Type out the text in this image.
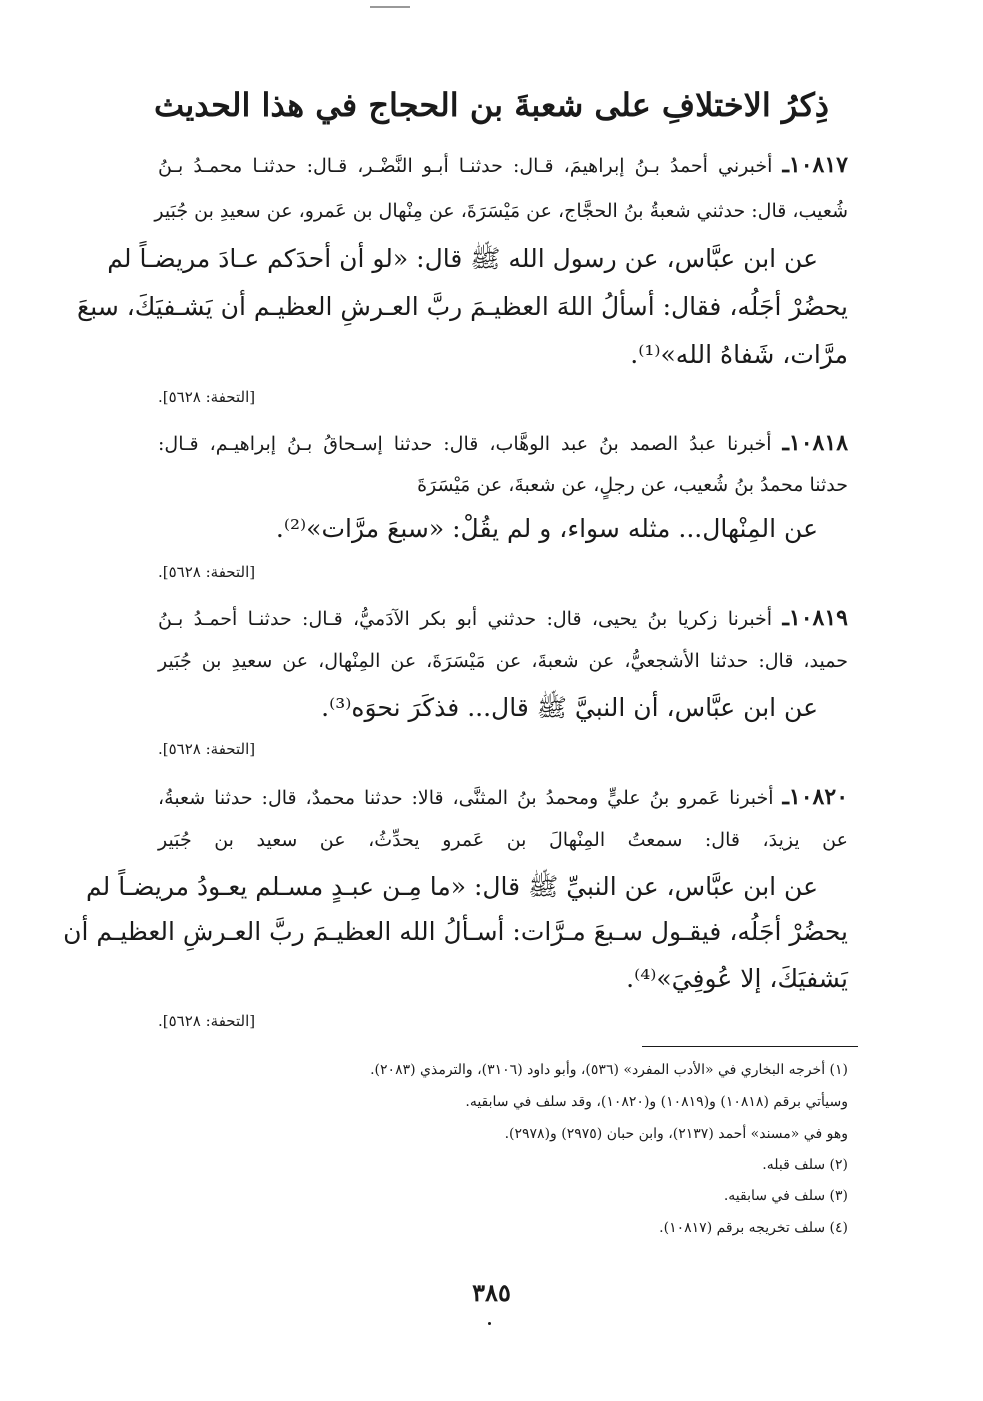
ذِكرُ الاختلافِ على شعبةَ بن الحجاج في هذا الحديث
١٠٨١٧ـ أخبرني أحمدُ بـنُ إبراهيمَ، قـال: حدثنـا أبـو النَّضْـر، قـال: حدثنـا محمـدُ بـنُ
شُعيب، قال: حدثني شعبةُ بنُ الحجَّاج، عن مَيْسَرَةَ، عن مِنْهال بن عَمرو، عن سعيدِ بن جُبَير
عن ابن عبَّاس، عن رسول الله ﷺ قال: «لو أن أحدَكم عـادَ مريضـاً لم
يحضُرْ أجَلُه، فقال: أسألُ اللهَ العظيـمَ ربَّ العـرشِ العظيـم أن يَشـفيَكَ، سبعَ
مرَّات، شَفاهُ الله»⁽¹⁾.
[التحفة: ٥٦٢٨].
١٠٨١٨ـ أخبرنا عبدُ الصمد بنُ عبد الوهَّاب، قال: حدثنا إسـحاقُ بـنُ إبراهيـم، قـال:
حدثنا محمدُ بنُ شُعيب، عن رجلٍ، عن شعبةَ، عن مَيْسَرَةَ
عن المِنْهال... مثله سواء، و لم يقُلْ: «سبعَ مرَّات»⁽²⁾.
[التحفة: ٥٦٢٨].
١٠٨١٩ـ أخبرنا زكريا بنُ يحيى، قال: حدثني أبو بكر الآدَميُّ، قـال: حدثنـا أحمـدُ بـنُ
حميد، قال: حدثنا الأشجعيُّ، عن شعبةَ، عن مَيْسَرَةَ، عن المِنْهال، عن سعيدِ بن جُبَير
عن ابن عبَّاس، أن النبيَّ ﷺ قال... فذكَرَ نحوَه⁽³⁾.
[التحفة: ٥٦٢٨].
١٠٨٢٠ـ أخبرنا عَمرو بنُ عليٍّ ومحمدُ بنُ المثنَّى، قالا: حدثنا محمدٌ، قال: حدثنا شعبةُ،
عن يزيدَ، قال: سمعتُ المِنْهالَ بن عَمرو يحدِّثُ، عن سعيد بن جُبَير
عن ابن عبَّاس، عن النبيِّ ﷺ قال: «ما مِـن عبـدٍ مسـلم يعـودُ مريضـاً لم
يحضُرْ أجَلُه، فيقـول سـبعَ مـرَّات: أسـألُ الله العظيـمَ ربَّ العـرشِ العظيـم أن
يَشفيَكَ، إلا عُوفِيَ»⁽⁴⁾.
[التحفة: ٥٦٢٨].
(١) أخرجه البخاري في «الأدب المفرد» (٥٣٦)، وأبو داود (٣١٠٦)، والترمذي (٢٠٨٣).
وسيأتي برقم (١٠٨١٨) و(١٠٨١٩) و(١٠٨٢٠)، وقد سلف في سابقيه.
وهو في «مسند» أحمد (٢١٣٧)، وابن حبان (٢٩٧٥) و(٢٩٧٨).
(٢) سلف قبله.
(٣) سلف في سابقيه.
(٤) سلف تخريجه برقم (١٠٨١٧).
٣٨٥
